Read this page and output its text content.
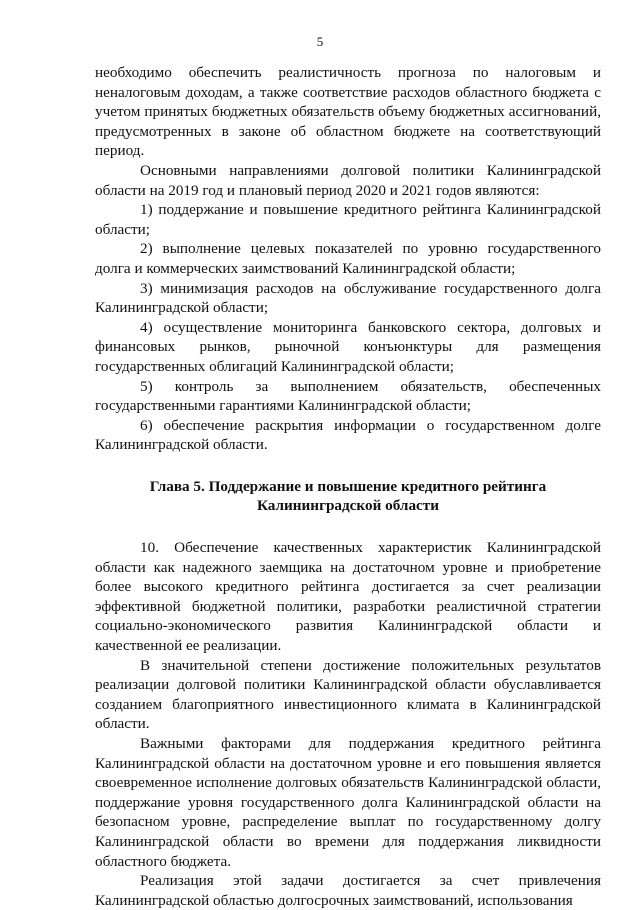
5

необходимо обеспечить реалистичность прогноза по налоговым и неналоговым доходам, а также соответствие расходов областного бюджета с учетом принятых бюджетных обязательств объему бюджетных ассигнований, предусмотренных в законе об областном бюджете на соответствующий период.

Основными направлениями долговой политики Калининградской области на 2019 год и плановый период 2020 и 2021 годов являются:

1) поддержание и повышение кредитного рейтинга Калининградской области;

2) выполнение целевых показателей по уровню государственного долга и коммерческих заимствований Калининградской области;

3) минимизация расходов на обслуживание государственного долга Калининградской области;

4) осуществление мониторинга банковского сектора, долговых и финансовых рынков, рыночной конъюнктуры для размещения государственных облигаций Калининградской области;

5) контроль за выполнением обязательств, обеспеченных государственными гарантиями Калининградской области;

6) обеспечение раскрытия информации о государственном долге Калининградской области.

Глава 5. Поддержание и повышение кредитного рейтинга
Калининградской области

10. Обеспечение качественных характеристик Калининградской области как надежного заемщика на достаточном уровне и приобретение более высокого кредитного рейтинга достигается за счет реализации эффективной бюджетной политики, разработки реалистичной стратегии социально-экономического развития Калининградской области и качественной ее реализации.

В значительной степени достижение положительных результатов реализации долговой политики Калининградской области обуславливается созданием благоприятного инвестиционного климата в Калининградской области.

Важными факторами для поддержания кредитного рейтинга Калининградской области на достаточном уровне и его повышения является своевременное исполнение долговых обязательств Калининградской области, поддержание уровня государственного долга Калининградской области на безопасном уровне, распределение выплат по государственному долгу Калининградской области во времени для поддержания ликвидности областного бюджета.

Реализация этой задачи достигается за счет привлечения Калининградской областью долгосрочных заимствований, использования
